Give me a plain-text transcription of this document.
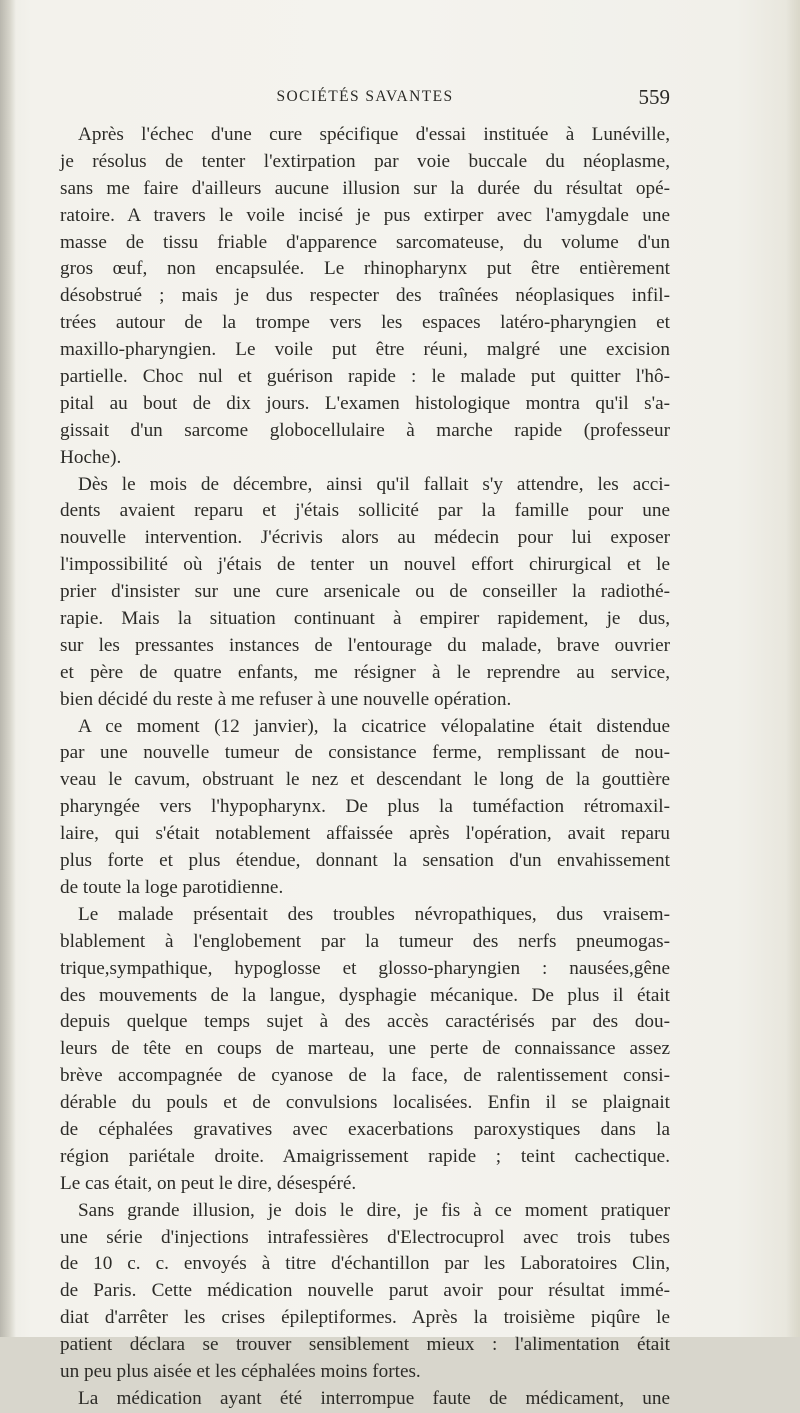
SOCIÉTÉS SAVANTES	559
Après l'échec d'une cure spécifique d'essai instituée à Lunéville,
je résolus de tenter l'extirpation par voie buccale du néoplasme,
sans me faire d'ailleurs aucune illusion sur la durée du résultat opé-
ratoire. A travers le voile incisé je pus extirper avec l'amygdale une
masse de tissu friable d'apparence sarcomateuse, du volume d'un
gros œuf, non encapsulée. Le rhinopharynx put être entièrement
désobstrué ; mais je dus respecter des traînées néoplasiques infil-
trées autour de la trompe vers les espaces latéro-pharyngien et
maxillo-pharyngien. Le voile put être réuni, malgré une excision
partielle. Choc nul et guérison rapide : le malade put quitter l'hô-
pital au bout de dix jours. L'examen histologique montra qu'il s'a-
gissait d'un sarcome globocellulaire à marche rapide (professeur
Hoche).
Dès le mois de décembre, ainsi qu'il fallait s'y attendre, les acci-
dents avaient reparu et j'étais sollicité par la famille pour une
nouvelle intervention. J'écrivis alors au médecin pour lui exposer
l'impossibilité où j'étais de tenter un nouvel effort chirurgical et le
prier d'insister sur une cure arsenicale ou de conseiller la radiothé-
rapie. Mais la situation continuant à empirer rapidement, je dus,
sur les pressantes instances de l'entourage du malade, brave ouvrier
et père de quatre enfants, me résigner à le reprendre au service,
bien décidé du reste à me refuser à une nouvelle opération.
A ce moment (12 janvier), la cicatrice vélopalatine était distendue
par une nouvelle tumeur de consistance ferme, remplissant de nou-
veau le cavum, obstruant le nez et descendant le long de la gouttière
pharyngée vers l'hypopharynx. De plus la tuméfaction rétromaxil-
laire, qui s'était notablement affaissée après l'opération, avait reparu
plus forte et plus étendue, donnant la sensation d'un envahissement
de toute la loge parotidienne.
Le malade présentait des troubles névropathiques, dus vraisem-
blablement à l'englobement par la tumeur des nerfs pneumogas-
trique,sympathique, hypoglosse et glosso-pharyngien : nausées,gêne
des mouvements de la langue, dysphagie mécanique. De plus il était
depuis quelque temps sujet à des accès caractérisés par des dou-
leurs de tête en coups de marteau, une perte de connaissance assez
brève accompagnée de cyanose de la face, de ralentissement consi-
dérable du pouls et de convulsions localisées. Enfin il se plaignait
de céphalées gravatives avec exacerbations paroxystiques dans la
région pariétale droite. Amaigrissement rapide ; teint cachectique.
Le cas était, on peut le dire, désespéré.
Sans grande illusion, je dois le dire, je fis à ce moment pratiquer
une série d'injections intrafessières d'Electrocuprol avec trois tubes
de 10 c. c. envoyés à titre d'échantillon par les Laboratoires Clin,
de Paris. Cette médication nouvelle parut avoir pour résultat immé-
diat d'arrêter les crises épileptiformes. Après la troisième piqûre le
patient déclara se trouver sensiblement mieux : l'alimentation était
un peu plus aisée et les céphalées moins fortes.
La médication ayant été interrompue faute de médicament, une
